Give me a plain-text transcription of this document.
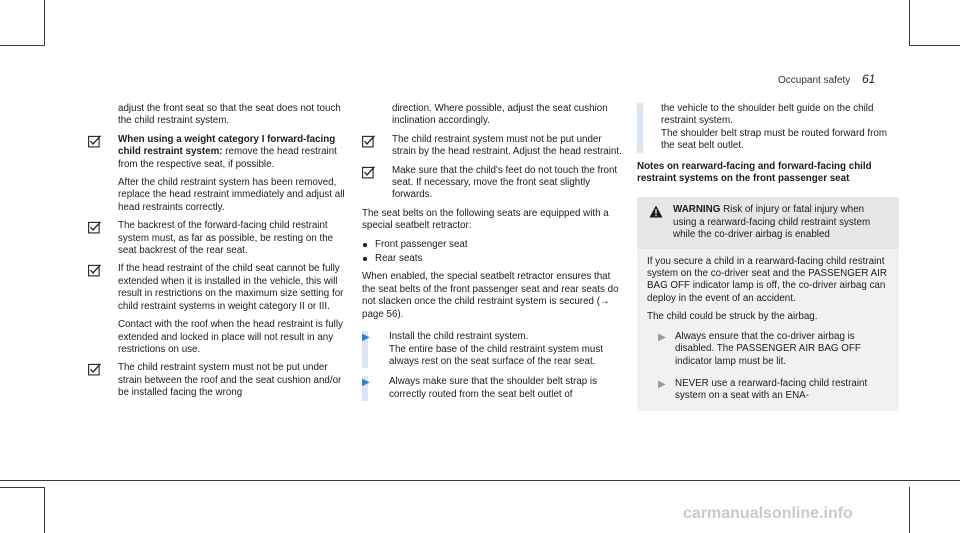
Occupant safety 61

adjust the front seat so that the seat does not touch the child restraint system.

When using a weight category I forward-facing child restraint system: remove the head restraint from the respective seat, if possible.

After the child restraint system has been removed, replace the head restraint immediately and adjust all head restraints correctly.

The backrest of the forward-facing child restraint system must, as far as possible, be resting on the seat backrest of the rear seat.
If the head restraint of the child seat cannot be fully extended when it is installed in the vehicle, this will result in restrictions on the maximum size setting for child restraint systems in weight category II or III.

Contact with the roof when the head restraint is fully extended and locked in place will not result in any restrictions on use.

The child restraint system must not be put under strain between the roof and the seat cushion and/or be installed facing the wrong

direction. Where possible, adjust the seat cushion inclination accordingly.

The child restraint system must not be put under strain by the head restraint. Adjust the head restraint.
Make sure that the child's feet do not touch the front seat. If necessary, move the front seat slightly forwards.

The seat belts on the following seats are equipped with a special seatbelt retractor:

Front passenger seat
Rear seats

When enabled, the special seatbelt retractor ensures that the seat belts of the front passenger seat and rear seats do not slacken once the child restraint system is secured (→ page 56).

▶ Install the child restraint system.
The entire base of the child restraint system must always rest on the seat surface of the rear seat.
▶	Always make sure that the shoulder belt strap is correctly routed from the seat belt outlet of
the vehicle to the shoulder belt guide on the child restraint system.
The shoulder belt strap must be routed forward from the seat belt outlet.
Notes on rearward-facing and forward-facing child restraint systems on the front passenger seat
WARNING Risk of injury or fatal injury when using a rearward-facing child restraint system while the co-driver airbag is enabled

If you secure a child in a rearward-facing child restraint system on the co-driver seat and the PASSENGER AIR BAG OFF indicator lamp is off, the co-driver airbag can deploy in the event of an accident.

The child could be struck by the airbag.

▶ Always ensure that the co-driver airbag is disabled. The PASSENGER AIR BAG OFF indicator lamp must be lit.
▶ NEVER use a rearward-facing child restraint system on a seat with an ENA-
carmanualsonline.info
